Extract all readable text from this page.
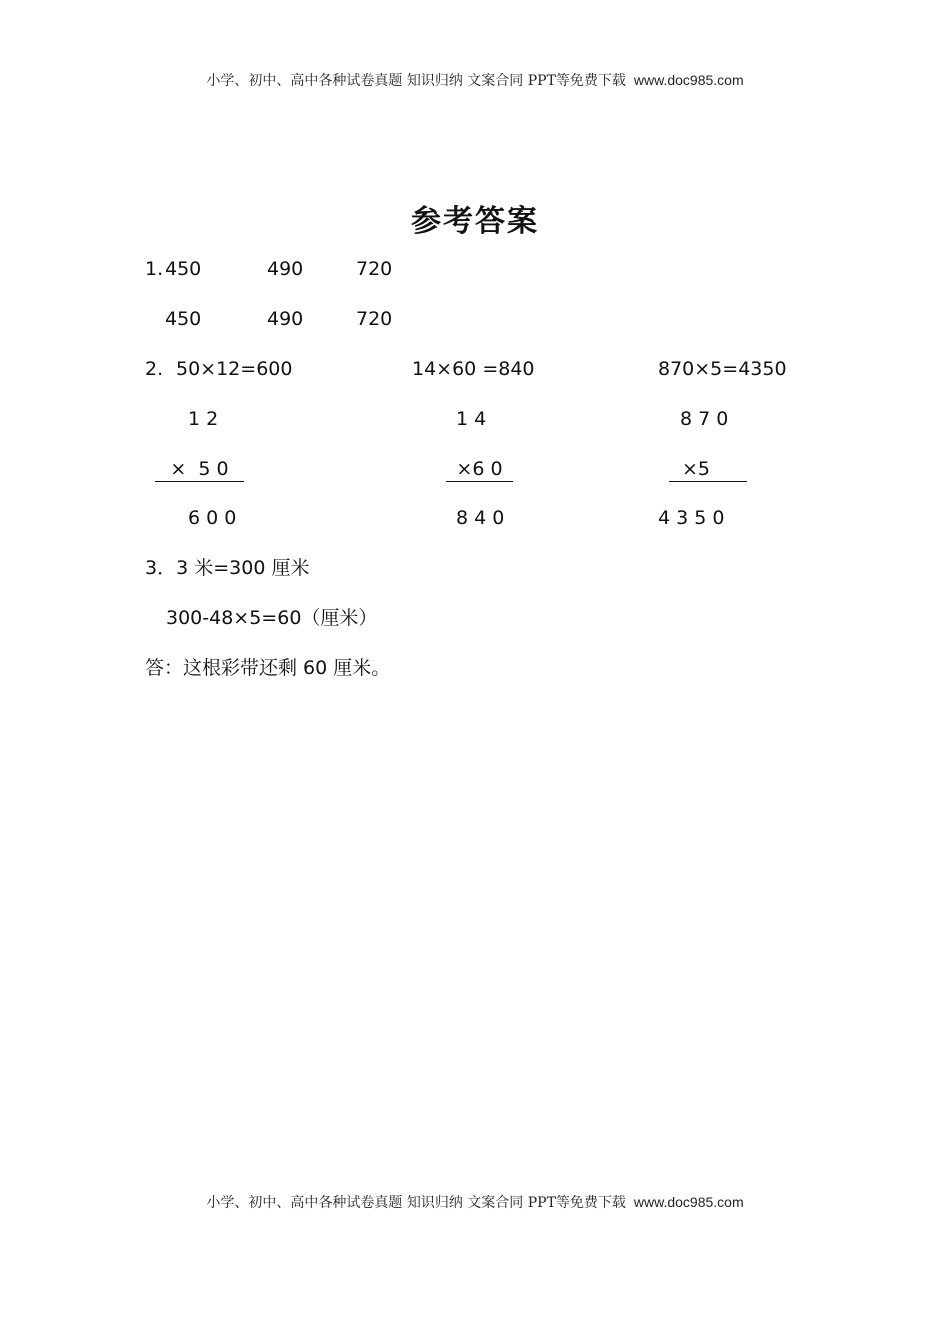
小学、初中、高中各种试卷真题 知识归纳 文案合同 PPT等免费下载 www.doc985.com
参考答案
1. 450	490	720
450	490	720
2. 50×12=600	14×60 =840	870×5=4350
1 2	1 4	8 7 0
×  5 0	×6 0	×5
6 0 0	8 4 0	4 3 5 0
3．3 米=300 厘米
300-48×5=60（厘米）
答：这根彩带还剩 60 厘米。
小学、初中、高中各种试卷真题 知识归纳 文案合同 PPT等免费下载 www.doc985.com
